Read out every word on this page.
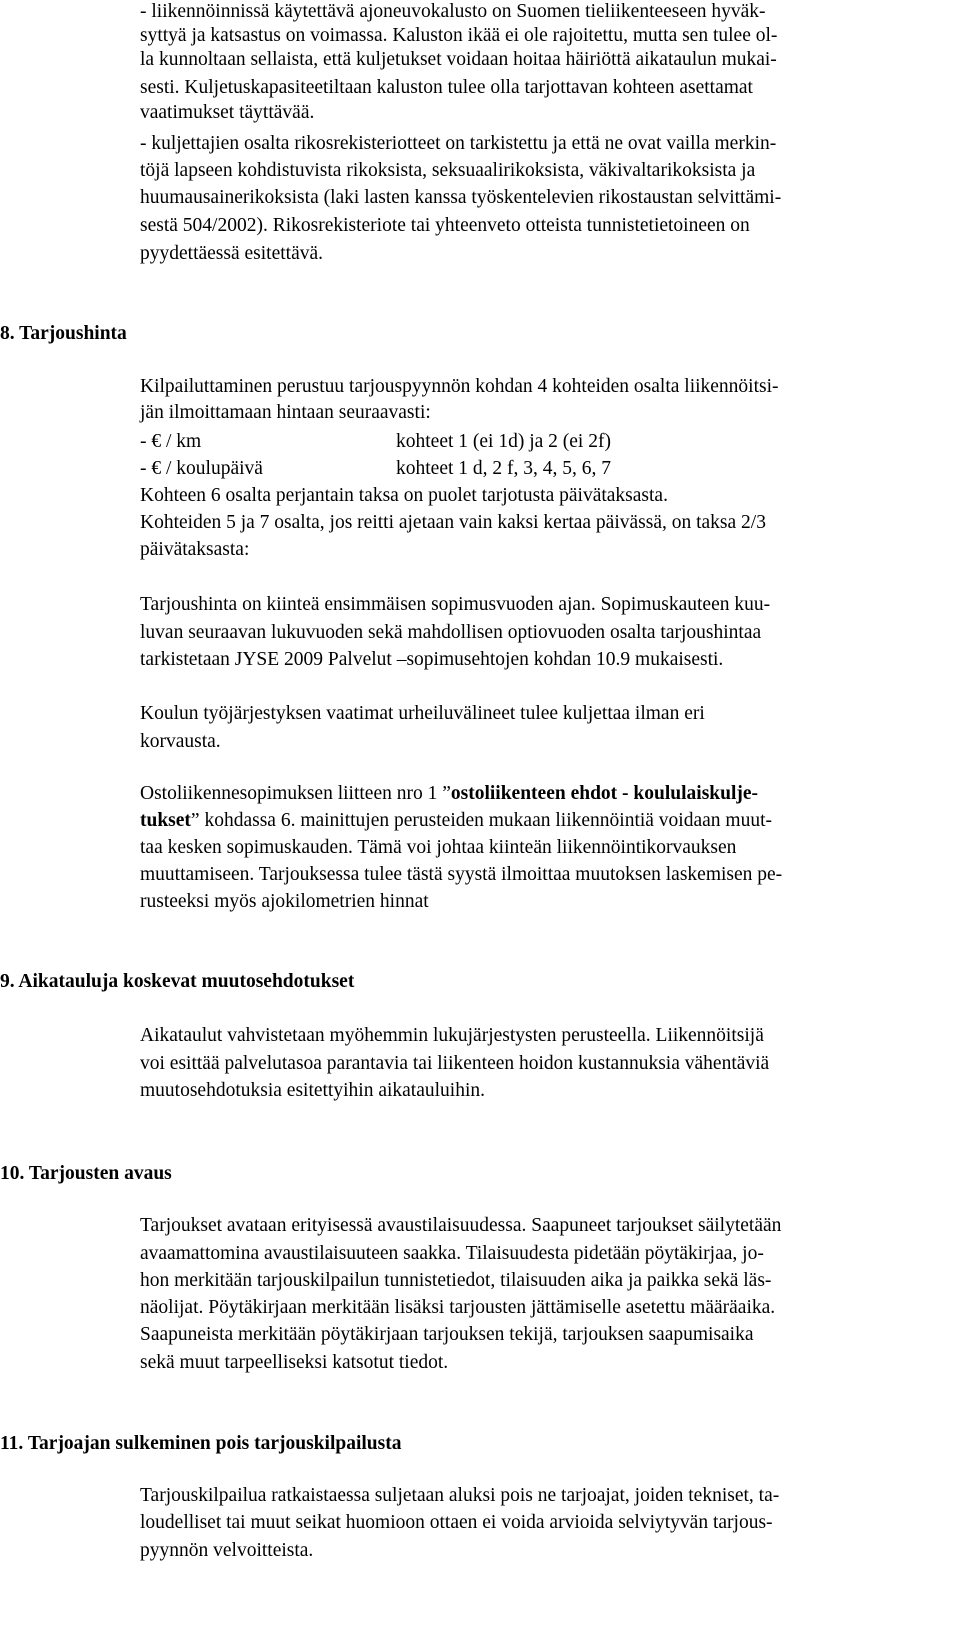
- liikennöinnissä käytettävä ajoneuvokalusto on Suomen tieliikenteeseen hyväk-
syttyä ja katsastus on voimassa. Kaluston ikää ei ole rajoitettu, mutta sen tulee ol-
la kunnoltaan sellaista, että kuljetukset voidaan hoitaa häiriöttä aikataulun mukai-
sesti. Kuljetuskapasiteetiltaan kaluston tulee olla tarjottavan kohteen asettamat
vaatimukset täyttävää.
- kuljettajien osalta rikosrekisteriotteet on tarkistettu ja että ne ovat vailla merkin-
töjä lapseen kohdistuvista rikoksista, seksuaalirikoksista, väkivaltarikoksista ja
huumausainerikoksista (laki lasten kanssa työskentelevien rikostaustan selvittämi-
sestä 504/2002). Rikosrekisteriote tai yhteenveto otteista tunnistetietoineen on
pyydettäessä esitettävä.
8. Tarjoushinta
Kilpailuttaminen perustuu tarjouspyynnön kohdan 4 kohteiden osalta liikennöitsi-
jän ilmoittamaan hintaan seuraavasti:
- € / km	kohteet 1 (ei 1d) ja 2 (ei 2f)
- € / koulupäivä	kohteet 1 d, 2 f, 3, 4, 5, 6, 7
Kohteen 6 osalta perjantain taksa on puolet tarjotusta päivätaksasta.
Kohteiden 5 ja 7 osalta, jos reitti ajetaan vain kaksi kertaa päivässä, on taksa 2/3
päivätaksasta:
Tarjoushinta on kiinteä ensimmäisen sopimusvuoden ajan. Sopimuskauteen kuu-
luvan seuraavan lukuvuoden sekä mahdollisen optiovuoden osalta tarjoushintaa
tarkistetaan JYSE 2009 Palvelut –sopimusehtojen kohdan 10.9 mukaisesti.
Koulun työjärjestyksen vaatimat urheiluvälineet tulee kuljettaa ilman eri
korvausta.
Ostoliikennesopimuksen liitteen nro 1 ”ostoliikenteen ehdot - koululaiskulje-
tukset” kohdassa 6. mainittujen perusteiden mukaan liikennöintiä voidaan muut-
taa kesken sopimuskauden. Tämä voi johtaa kiinteän liikennöintikorvauksen
muuttamiseen. Tarjouksessa tulee tästä syystä ilmoittaa muutoksen laskemisen pe-
rusteeksi myös ajokilometrien hinnat
9. Aikatauluja koskevat muutosehdotukset
Aikataulut vahvistetaan myöhemmin lukujärjestysten perusteella. Liikennöitsijä
voi esittää palvelutasoa parantavia tai liikenteen hoidon kustannuksia vähentäviä
muutosehdotuksia esitettyihin aikatauluihin.
10. Tarjousten avaus
Tarjoukset avataan erityisessä avaustilaisuudessa. Saapuneet tarjoukset säilytetään
avaamattomina avaustilaisuuteen saakka. Tilaisuudesta pidetään pöytäkirjaa, jo-
hon merkitään tarjouskilpailun tunnistetiedot, tilaisuuden aika ja paikka sekä läs-
näolijat. Pöytäkirjaan merkitään lisäksi tarjousten jättämiselle asetettu määräaika.
Saapuneista merkitään pöytäkirjaan tarjouksen tekijä, tarjouksen saapumisaika
sekä muut tarpeelliseksi katsotut tiedot.
11. Tarjoajan sulkeminen pois tarjouskilpailusta
Tarjouskilpailua ratkaistaessa suljetaan aluksi pois ne tarjoajat, joiden tekniset, ta-
loudelliset tai muut seikat huomioon ottaen ei voida arvioida selviytyvän tarjous-
pyynnön velvoitteista.
